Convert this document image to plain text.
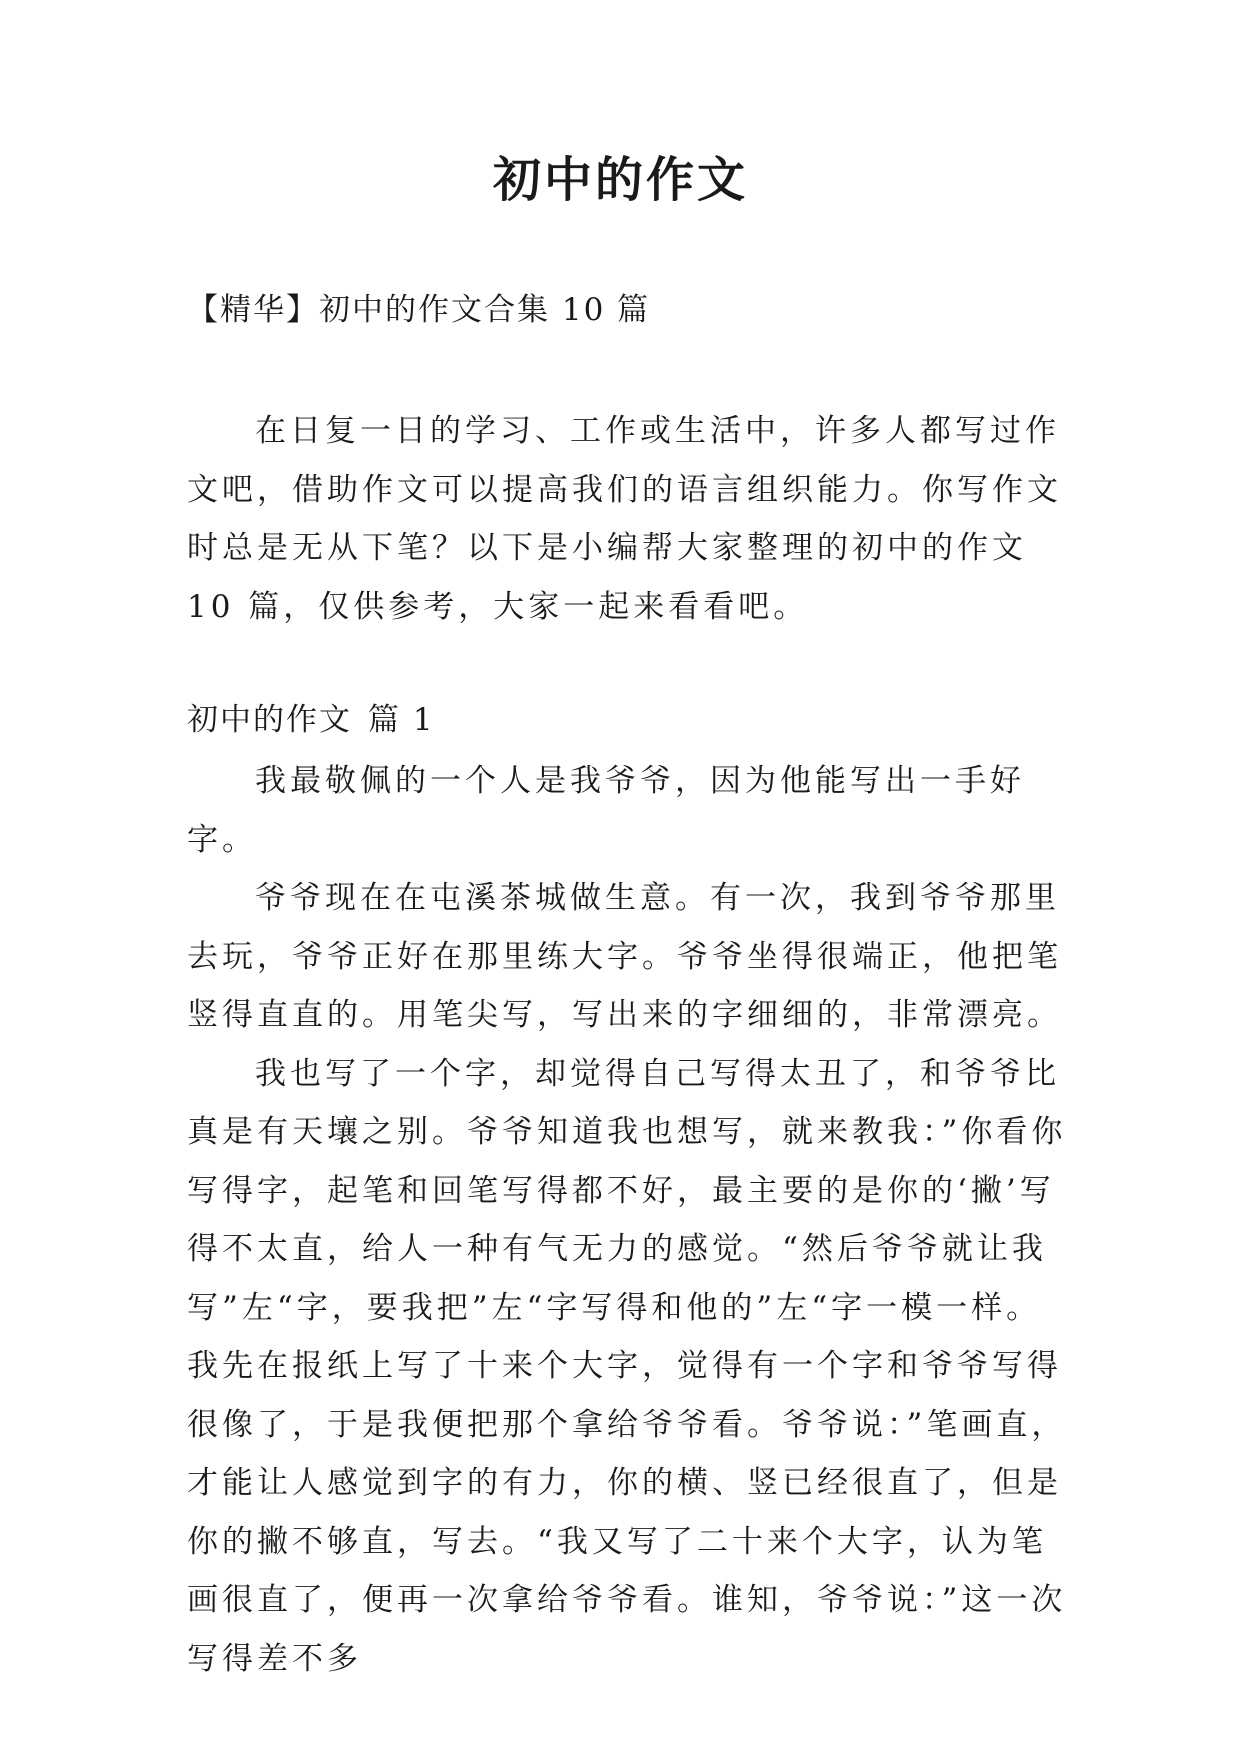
初中的作文
【精华】初中的作文合集 10 篇

在日复一日的学习、工作或生活中，许多人都写过作文吧，借助作文可以提高我们的语言组织能力。你写作文时总是无从下笔？以下是小编帮大家整理的初中的作文 10 篇，仅供参考，大家一起来看看吧。

初中的作文 篇 1

我最敬佩的一个人是我爷爷，因为他能写出一手好字。

爷爷现在在屯溪茶城做生意。有一次，我到爷爷那里去玩，爷爷正好在那里练大字。爷爷坐得很端正，他把笔竖得直直的。用笔尖写，写出来的字细细的，非常漂亮。

我也写了一个字，却觉得自己写得太丑了，和爷爷比真是有天壤之别。爷爷知道我也想写，就来教我：”你看你写得字，起笔和回笔写得都不好，最主要的是你的‘撇’写得不太直，给人一种有气无力的感觉。“然后爷爷就让我写”左“字，要我把”左“字写得和他的”左“字一模一样。我先在报纸上写了十来个大字，觉得有一个字和爷爷写得很像了，于是我便把那个拿给爷爷看。爷爷说：”笔画直，才能让人感觉到字的有力，你的横、竖已经很直了，但是你的撇不够直，写去。“我又写了二十来个大字，认为笔画很直了，便再一次拿给爷爷看。谁知，爷爷说：”这一次写得差不多
